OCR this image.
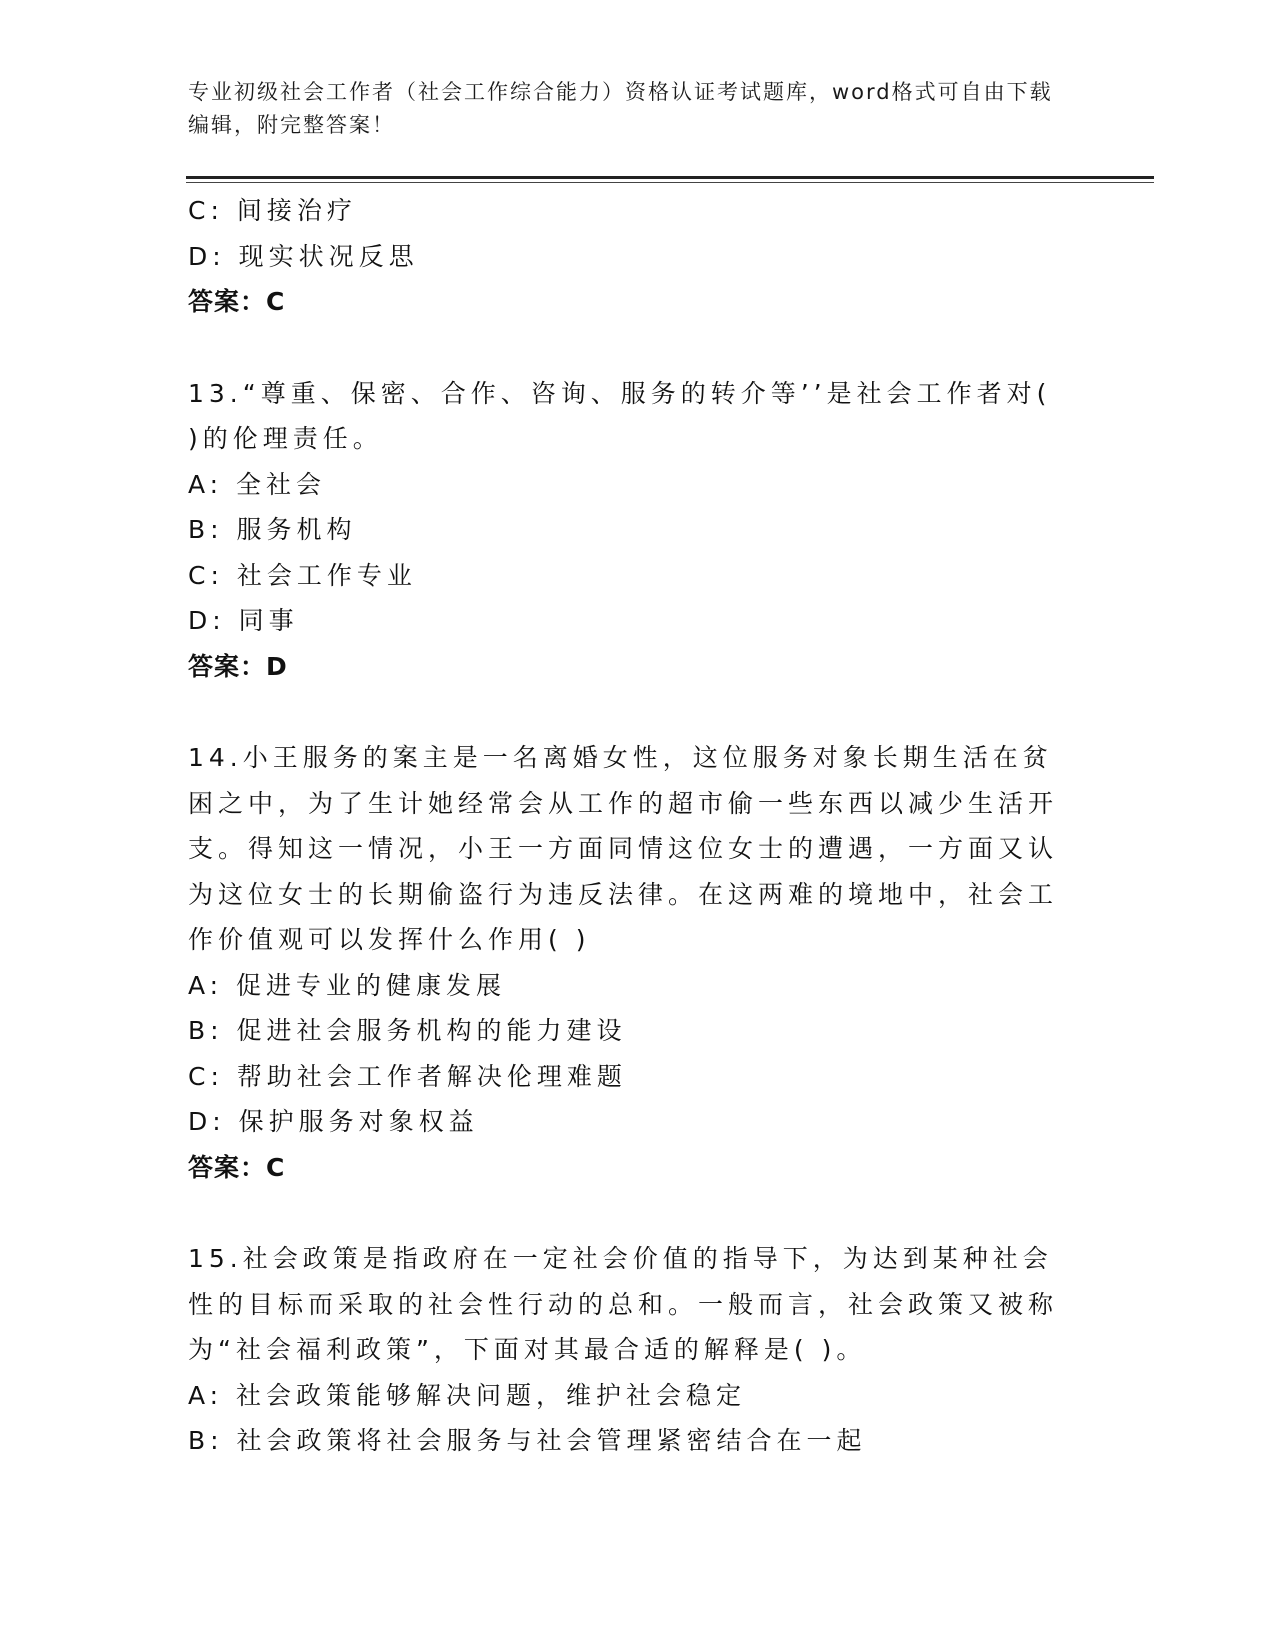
专业初级社会工作者（社会工作综合能力）资格认证考试题库，word格式可自由下载编辑，附完整答案！
C: 间接治疗
D: 现实状况反思
答案：C
13.“尊重、保密、合作、咨询、服务的转介等’’是社会工作者对( )的伦理责任。
A: 全社会
B: 服务机构
C: 社会工作专业
D: 同事
答案：D
14.小王服务的案主是一名离婚女性，这位服务对象长期生活在贫困之中，为了生计她经常会从工作的超市偷一些东西以减少生活开支。得知这一情况，小王一方面同情这位女士的遭遇，一方面又认为这位女士的长期偷盗行为违反法律。在这两难的境地中，社会工作价值观可以发挥什么作用( )
A: 促进专业的健康发展
B: 促进社会服务机构的能力建设
C: 帮助社会工作者解决伦理难题
D: 保护服务对象权益
答案：C
15.社会政策是指政府在一定社会价值的指导下，为达到某种社会性的目标而采取的社会性行动的总和。一般而言，社会政策又被称为“社会福利政策”，下面对其最合适的解释是( )。
A: 社会政策能够解决问题，维护社会稳定
B: 社会政策将社会服务与社会管理紧密结合在一起
